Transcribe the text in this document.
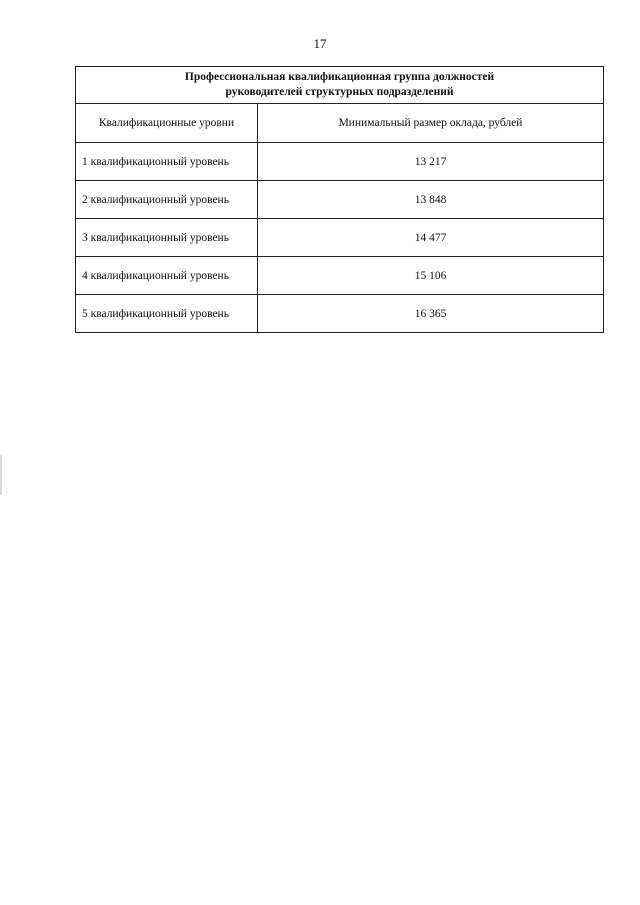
17
Профессиональная квалификационная группа должностей
руководителей структурных подразделений	

Квалификационные уровни	Минимальный размер оклада, рублей
1 квалификационный уровень	13 217
2 квалификационный уровень	13 848
3 квалификационный уровень	14 477
4 квалификационный уровень	15 106
5 квалификационный уровень	16 365
